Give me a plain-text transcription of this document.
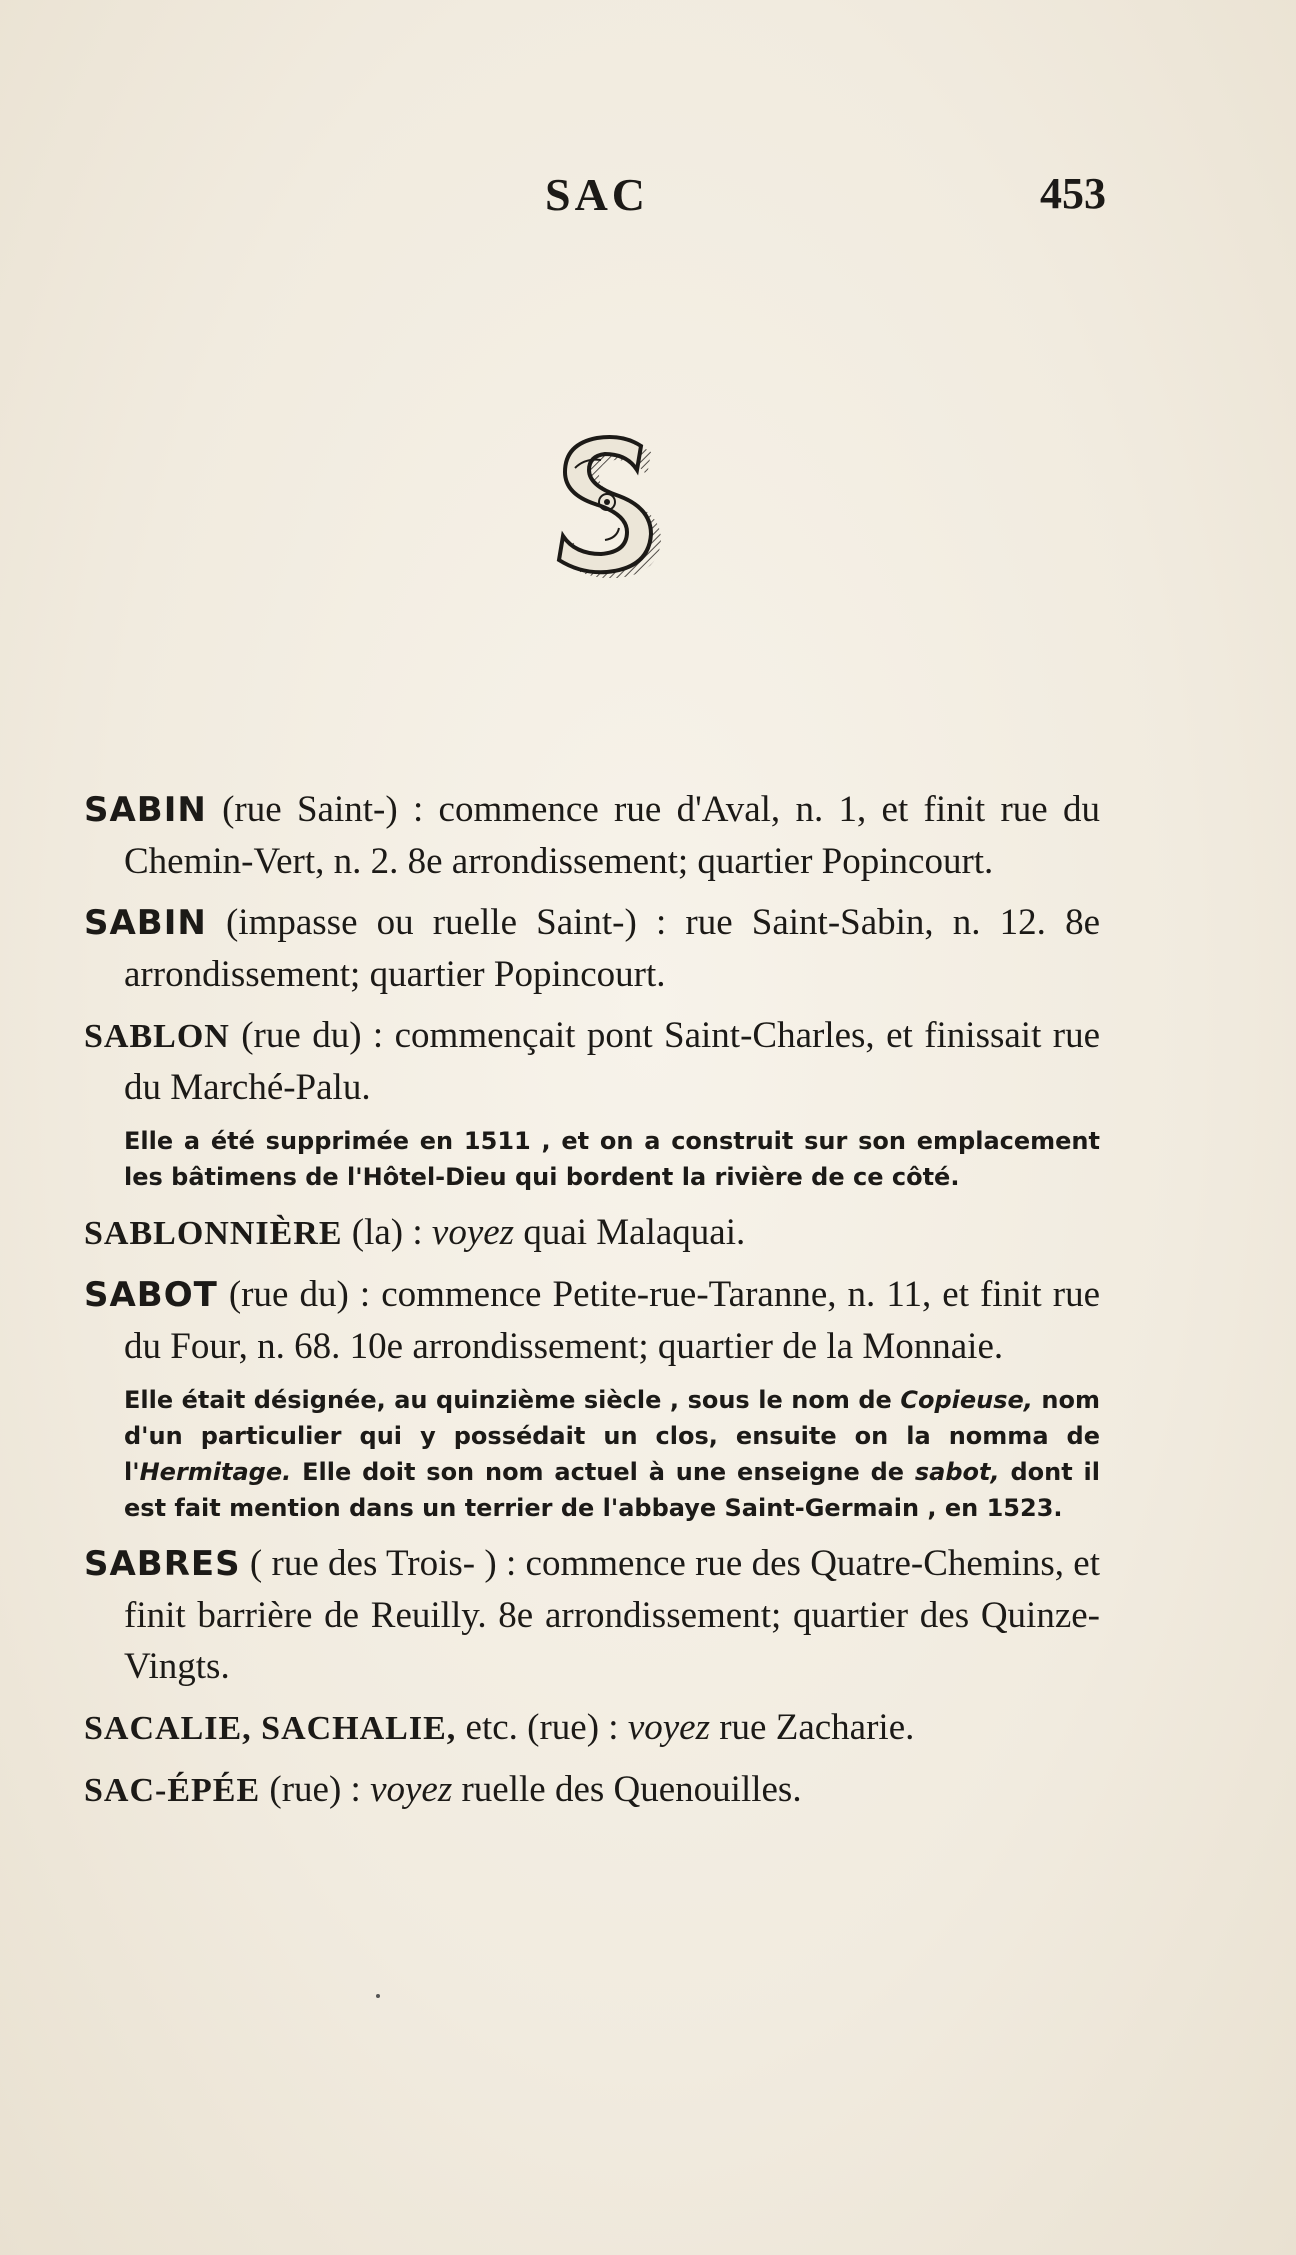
SAC	453

SABIN (rue Saint-) : commence rue d'Aval, n. 1, et finit rue du Chemin-Vert, n. 2. 8e arrondissement; quartier Popincourt.

SABIN (impasse ou ruelle Saint-) : rue Saint-Sabin, n. 12. 8e arrondissement; quartier Popincourt.

SABLON (rue du) : commençait pont Saint-Charles, et finissait rue du Marché-Palu.

Elle a été supprimée en 1511 , et on a construit sur son emplacement les bâtimens de l'Hôtel-Dieu qui bordent la rivière de ce côté.

SABLONNIÈRE (la) : voyez quai Malaquai.

SABOT (rue du) : commence Petite-rue-Taranne, n. 11, et finit rue du Four, n. 68. 10e arrondissement; quartier de la Monnaie.

Elle était désignée, au quinzième siècle , sous le nom de Copieuse, nom d'un particulier qui y possédait un clos, ensuite on la nomma de l'Hermitage. Elle doit son nom actuel à une enseigne de sabot, dont il est fait mention dans un terrier de l'abbaye Saint-Germain , en 1523.

SABRES ( rue des Trois- ) : commence rue des Quatre-Chemins, et finit barrière de Reuilly. 8e arrondissement; quartier des Quinze-Vingts.

SACALIE, SACHALIE, etc. (rue) : voyez rue Zacharie.

SAC-ÉPÉE (rue) : voyez ruelle des Quenouilles.
